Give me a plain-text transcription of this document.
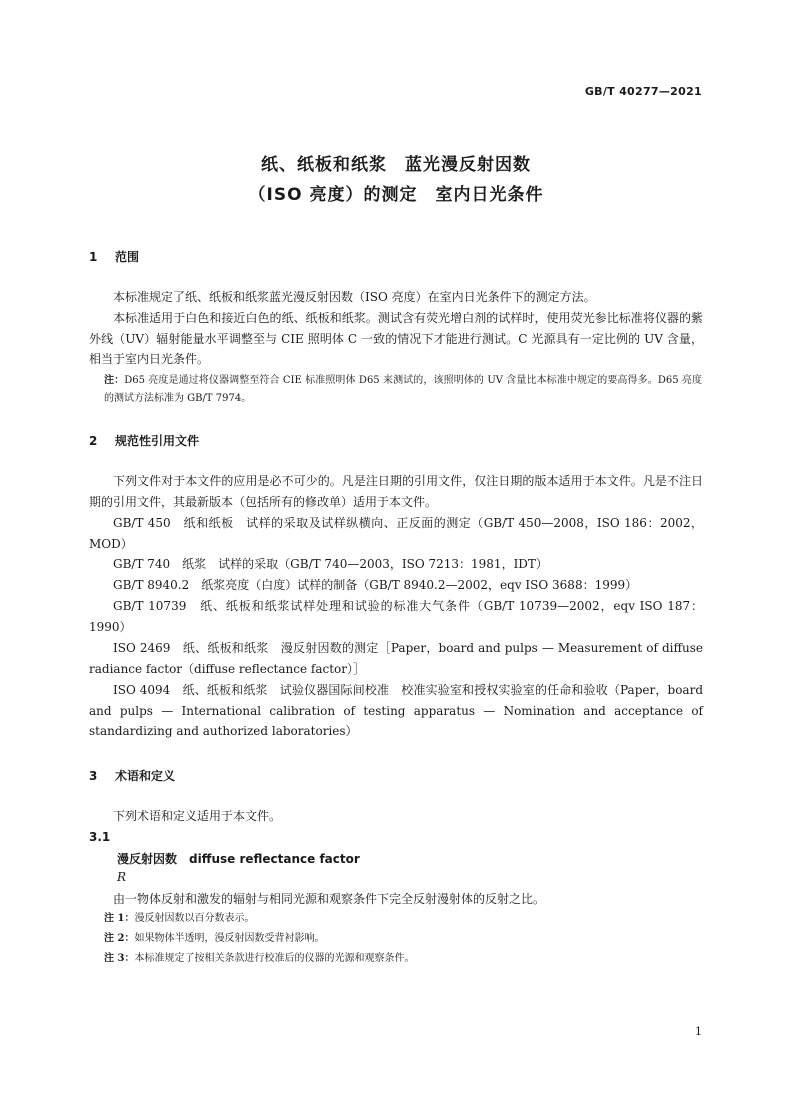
GB/T 40277—2021
纸、纸板和纸浆　蓝光漫反射因数
（ISO 亮度）的测定　室内日光条件
1 范围

本标准规定了纸、纸板和纸浆蓝光漫反射因数（ISO 亮度）在室内日光条件下的测定方法。

本标准适用于白色和接近白色的纸、纸板和纸浆。测试含有荧光增白剂的试样时，使用荧光参比标准将仪器的紫外线（UV）辐射能量水平调整至与 CIE 照明体 C 一致的情况下才能进行测试。C 光源具有一定比例的 UV 含量，相当于室内日光条件。

注：D65 亮度是通过将仪器调整至符合 CIE 标准照明体 D65 来测试的，该照明体的 UV 含量比本标准中规定的要高得多。D65 亮度的测试方法标准为 GB/T 7974。

2 规范性引用文件

下列文件对于本文件的应用是必不可少的。凡是注日期的引用文件，仅注日期的版本适用于本文件。凡是不注日期的引用文件，其最新版本（包括所有的修改单）适用于本文件。

GB/T 450　纸和纸板　试样的采取及试样纵横向、正反面的测定（GB/T 450—2008，ISO 186：2002，MOD）

GB/T 740　纸浆　试样的采取（GB/T 740—2003，ISO 7213：1981，IDT）

GB/T 8940.2　纸浆亮度（白度）试样的制备（GB/T 8940.2—2002，eqv ISO 3688：1999）

GB/T 10739　纸、纸板和纸浆试样处理和试验的标准大气条件（GB/T 10739—2002，eqv ISO 187：1990）

ISO 2469　纸、纸板和纸浆　漫反射因数的测定［Paper，board and pulps — Measurement of diffuse radiance factor（diffuse reflectance factor）］

ISO 4094　纸、纸板和纸浆　试验仪器国际间校准　校准实验室和授权实验室的任命和验收（Paper，board and pulps — International calibration of testing apparatus — Nomination and acceptance of standardizing and authorized laboratories）

3 术语和定义

下列术语和定义适用于本文件。

3.1

漫反射因数 diffuse reflectance factor

R

由一物体反射和激发的辐射与相同光源和观察条件下完全反射漫射体的反射之比。

注 1：漫反射因数以百分数表示。

注 2：如果物体半透明，漫反射因数受背衬影响。

注 3：本标准规定了按相关条款进行校准后的仪器的光源和观察条件。

1
